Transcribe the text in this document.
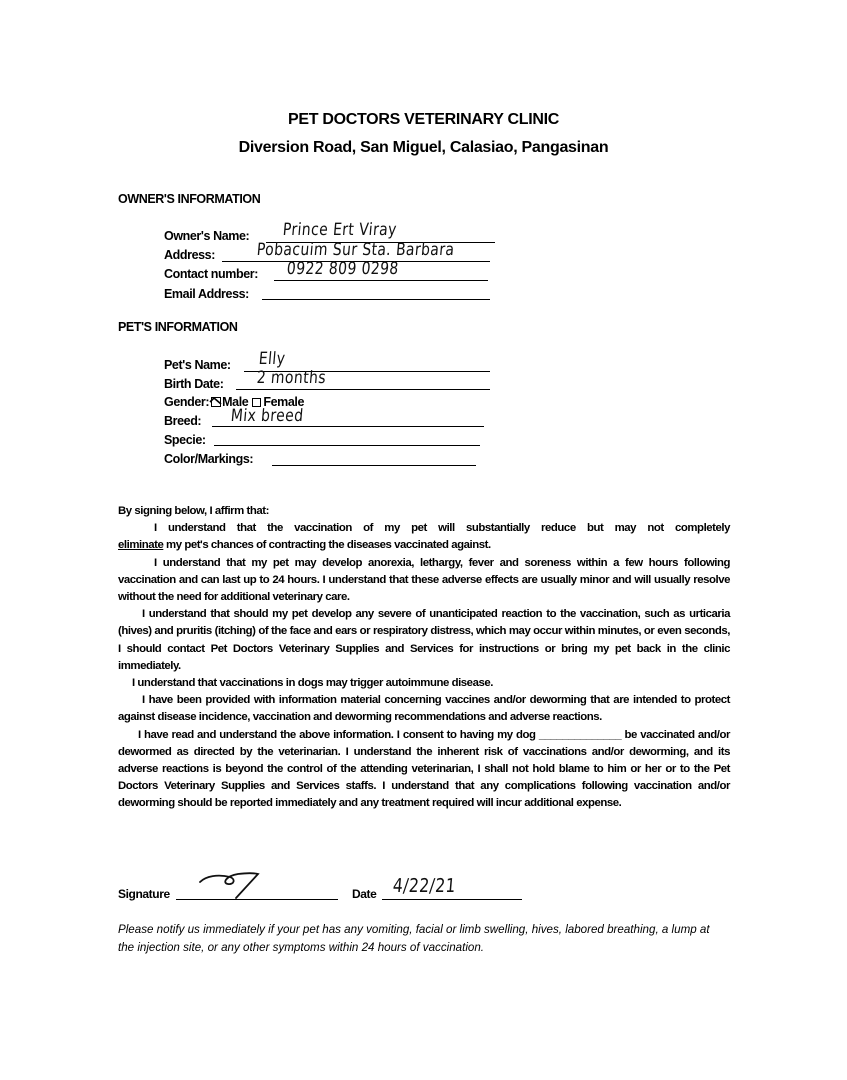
PET DOCTORS VETERINARY CLINIC
Diversion Road, San Miguel, Calasiao, Pangasinan
OWNER'S INFORMATION
Owner's Name: Prince Ert Viray
Address: Pobacuim Sur Sta. Barbara
Contact number: 0922 809 0298
Email Address:
PET'S INFORMATION
Pet's Name: Elly
Birth Date: 2 months
Gender: Male Female
Breed: Mix breed
Specie:
Color/Markings:

By signing below, I affirm that:

I understand that the vaccination of my pet will substantially reduce but may not completely

eliminate my pet's chances of contracting the diseases vaccinated against.

I understand that my pet may develop anorexia, lethargy, fever and soreness within a few hours following vaccination and can last up to 24 hours. I understand that these adverse effects are usually minor and will usually resolve without the need for additional veterinary care.

I understand that should my pet develop any severe of unanticipated reaction to the vaccination, such as urticaria (hives) and pruritis (itching) of the face and ears or respiratory distress, which may occur within minutes, or even seconds, I should contact Pet Doctors Veterinary Supplies and Services for instructions or bring my pet back in the clinic immediately.

I understand that vaccinations in dogs may trigger autoimmune disease.

I have been provided with information material concerning vaccines and/or deworming that are intended to protect against disease incidence, vaccination and deworming recommendations and adverse reactions.

I have read and understand the above information. I consent to having my dog ______________ be vaccinated and/or dewormed as directed by the veterinarian. I understand the inherent risk of vaccinations and/or deworming, and its adverse reactions is beyond the control of the attending veterinarian, I shall not hold blame to him or her or to the Pet Doctors Veterinary Supplies and Services staffs. I understand that any complications following vaccination and/or deworming should be reported immediately and any treatment required will incur additional expense.

Signature	Date 4/22/21
Please notify us immediately if your pet has any vomiting, facial or limb swelling, hives, labored breathing, a lump at the injection site, or any other symptoms within 24 hours of vaccination.
